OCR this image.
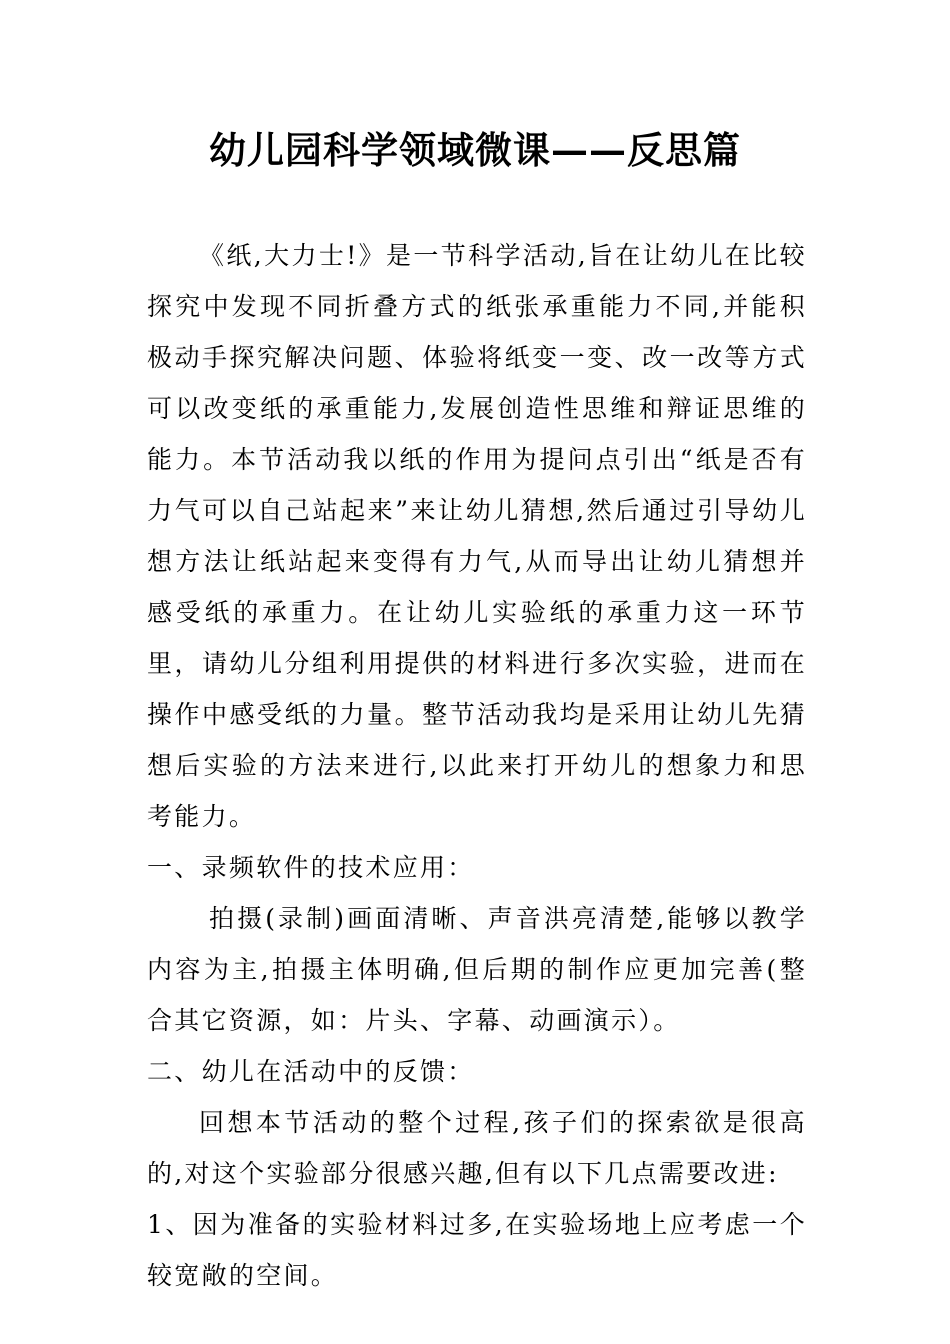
幼儿园科学领域微课——反思篇

《纸,大力士!》是一节科学活动,旨在让幼儿在比较探究中发现不同折叠方式的纸张承重能力不同,并能积极动手探究解决问题、体验将纸变一变、改一改等方式可以改变纸的承重能力,发展创造性思维和辩证思维的能力。本节活动我以纸的作用为提问点引出“纸是否有力气可以自己站起来”来让幼儿猜想,然后通过引导幼儿想方法让纸站起来变得有力气,从而导出让幼儿猜想并感受纸的承重力。在让幼儿实验纸的承重力这一环节里，请幼儿分组利用提供的材料进行多次实验，进而在操作中感受纸的力量。整节活动我均是采用让幼儿先猜想后实验的方法来进行,以此来打开幼儿的想象力和思考能力。

一、录频软件的技术应用：

拍摄(录制)画面清晰、声音洪亮清楚,能够以教学内容为主,拍摄主体明确,但后期的制作应更加完善(整合其它资源，如：片头、字幕、动画演示）。

二、幼儿在活动中的反馈：

回想本节活动的整个过程,孩子们的探索欲是很高的,对这个实验部分很感兴趣,但有以下几点需要改进:

1、因为准备的实验材料过多,在实验场地上应考虑一个较宽敞的空间。
